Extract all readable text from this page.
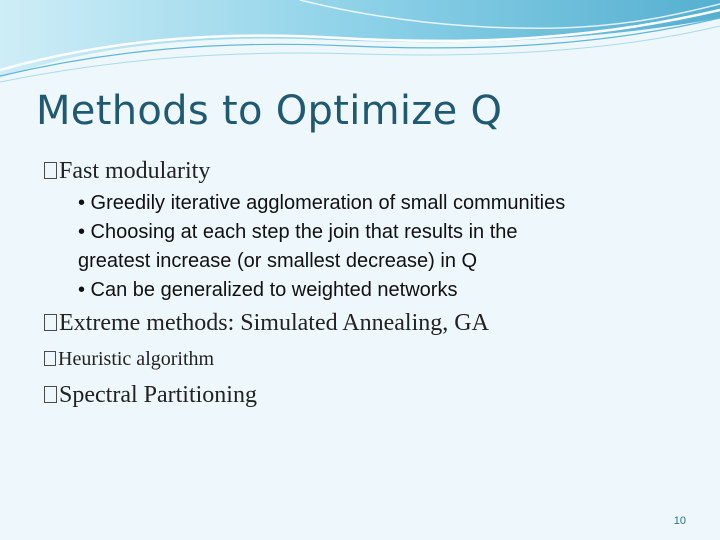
Methods to Optimize Q
Fast modularity
• Greedily iterative agglomeration of small communities
• Choosing at each step the join that results in the
greatest increase (or smallest decrease) in Q
• Can be generalized to weighted networks
Extreme methods: Simulated Annealing, GA
Heuristic algorithm
Spectral Partitioning
10
